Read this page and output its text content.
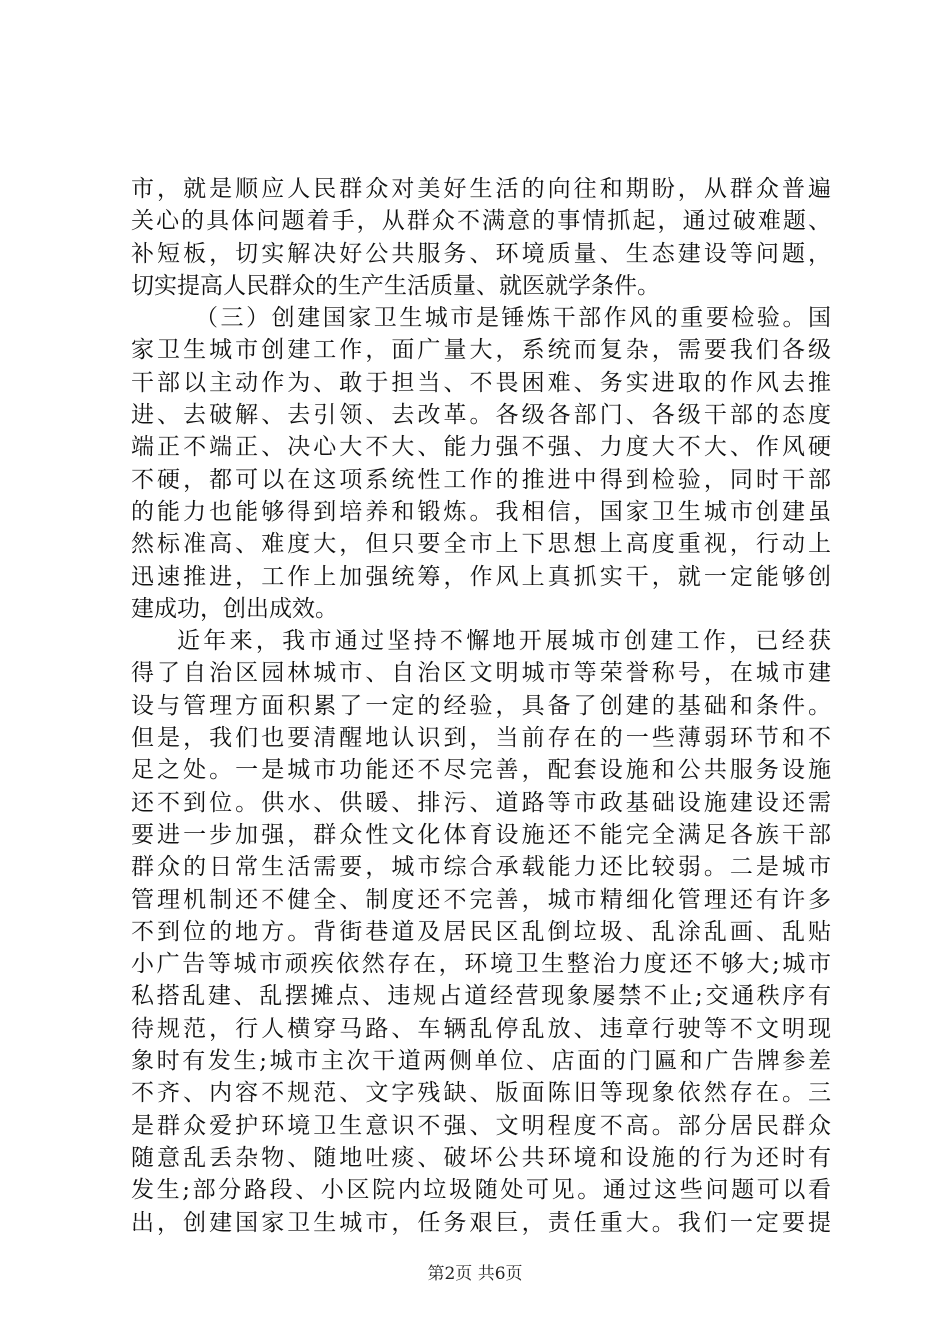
市，就是顺应人民群众对美好生活的向往和期盼，从群众普遍
关心的具体问题着手，从群众不满意的事情抓起，通过破难题、
补短板，切实解决好公共服务、环境质量、生态建设等问题，
切实提高人民群众的生产生活质量、就医就学条件。
（三）创建国家卫生城市是锤炼干部作风的重要检验。国
家卫生城市创建工作，面广量大，系统而复杂，需要我们各级
干部以主动作为、敢于担当、不畏困难、务实进取的作风去推
进、去破解、去引领、去改革。各级各部门、各级干部的态度
端正不端正、决心大不大、能力强不强、力度大不大、作风硬
不硬，都可以在这项系统性工作的推进中得到检验，同时干部
的能力也能够得到培养和锻炼。我相信，国家卫生城市创建虽
然标准高、难度大，但只要全市上下思想上高度重视，行动上
迅速推进，工作上加强统筹，作风上真抓实干，就一定能够创
建成功，创出成效。
近年来，我市通过坚持不懈地开展城市创建工作，已经获
得了自治区园林城市、自治区文明城市等荣誉称号，在城市建
设与管理方面积累了一定的经验，具备了创建的基础和条件。
但是，我们也要清醒地认识到，当前存在的一些薄弱环节和不
足之处。一是城市功能还不尽完善，配套设施和公共服务设施
还不到位。供水、供暖、排污、道路等市政基础设施建设还需
要进一步加强，群众性文化体育设施还不能完全满足各族干部
群众的日常生活需要，城市综合承载能力还比较弱。二是城市
管理机制还不健全、制度还不完善，城市精细化管理还有许多
不到位的地方。背街巷道及居民区乱倒垃圾、乱涂乱画、乱贴
小广告等城市顽疾依然存在，环境卫生整治力度还不够大;城市
私搭乱建、乱摆摊点、违规占道经营现象屡禁不止;交通秩序有
待规范，行人横穿马路、车辆乱停乱放、违章行驶等不文明现
象时有发生;城市主次干道两侧单位、店面的门匾和广告牌参差
不齐、内容不规范、文字残缺、版面陈旧等现象依然存在。三
是群众爱护环境卫生意识不强、文明程度不高。部分居民群众
随意乱丢杂物、随地吐痰、破坏公共环境和设施的行为还时有
发生;部分路段、小区院内垃圾随处可见。通过这些问题可以看
出，创建国家卫生城市，任务艰巨，责任重大。我们一定要提
第2页 共6页
